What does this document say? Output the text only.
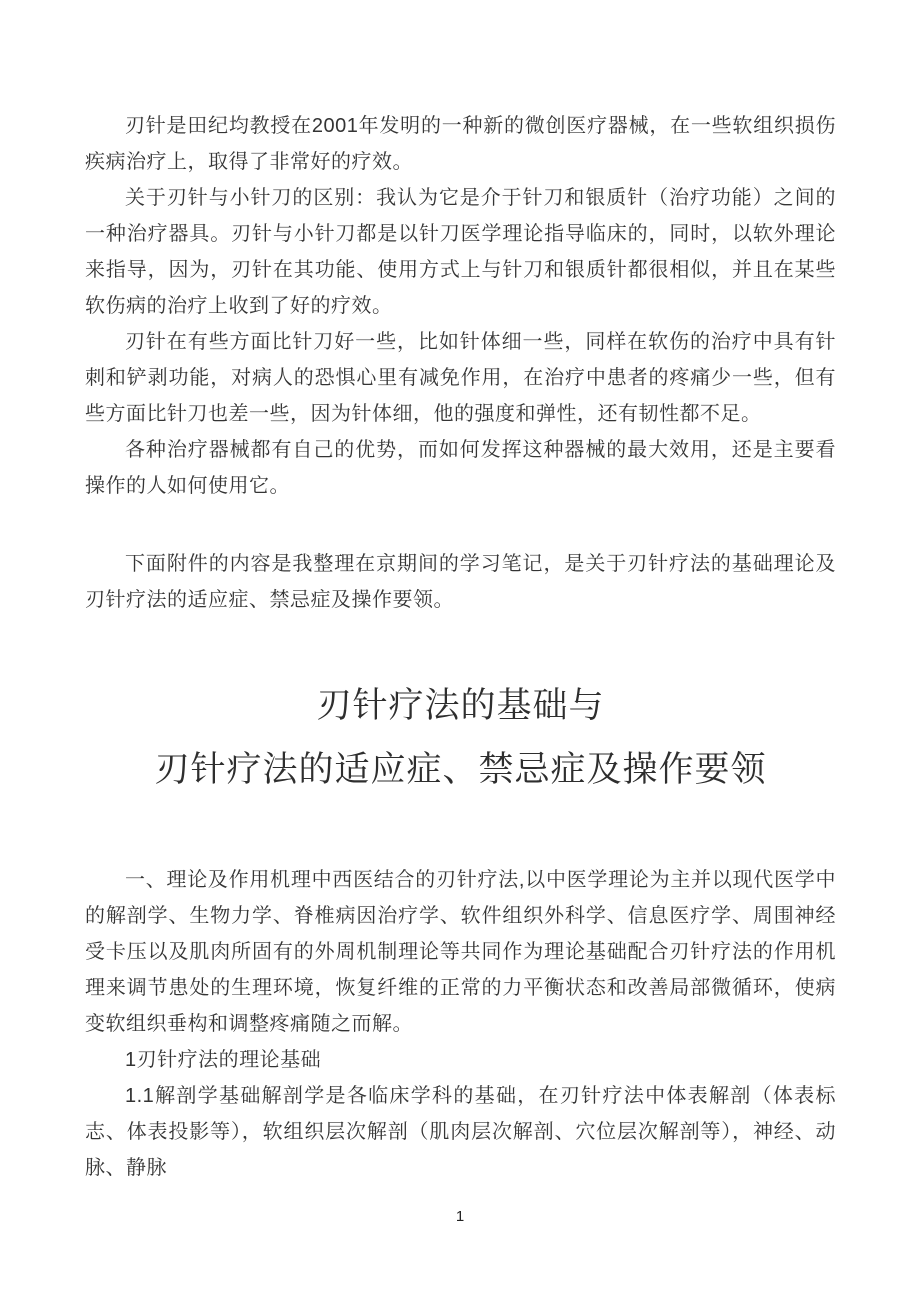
刃针是田纪均教授在2001年发明的一种新的微创医疗器械，在一些软组织损伤疾病治疗上，取得了非常好的疗效。

关于刃针与小针刀的区别：我认为它是介于针刀和银质针（治疗功能）之间的一种治疗器具。刃针与小针刀都是以针刀医学理论指导临床的，同时，以软外理论来指导，因为，刃针在其功能、使用方式上与针刀和银质针都很相似，并且在某些软伤病的治疗上收到了好的疗效。

刃针在有些方面比针刀好一些，比如针体细一些，同样在软伤的治疗中具有针刺和铲剥功能，对病人的恐惧心里有减免作用，在治疗中患者的疼痛少一些，但有些方面比针刀也差一些，因为针体细，他的强度和弹性，还有韧性都不足。

各种治疗器械都有自己的优势，而如何发挥这种器械的最大效用，还是主要看操作的人如何使用它。

下面附件的内容是我整理在京期间的学习笔记，是关于刃针疗法的基础理论及刃针疗法的适应症、禁忌症及操作要领。

刃针疗法的基础与
刃针疗法的适应症、禁忌症及操作要领

一、理论及作用机理中西医结合的刃针疗法,以中医学理论为主并以现代医学中的解剖学、生物力学、脊椎病因治疗学、软件组织外科学、信息医疗学、周围神经受卡压以及肌肉所固有的外周机制理论等共同作为理论基础配合刃针疗法的作用机理来调节患处的生理环境，恢复纤维的正常的力平衡状态和改善局部微循环，使病变软组织垂构和调整疼痛随之而解。

1刃针疗法的理论基础

1.1解剖学基础解剖学是各临床学科的基础，在刃针疗法中体表解剖（体表标志、体表投影等），软组织层次解剖（肌肉层次解剖、穴位层次解剖等），神经、动脉、静脉

1
